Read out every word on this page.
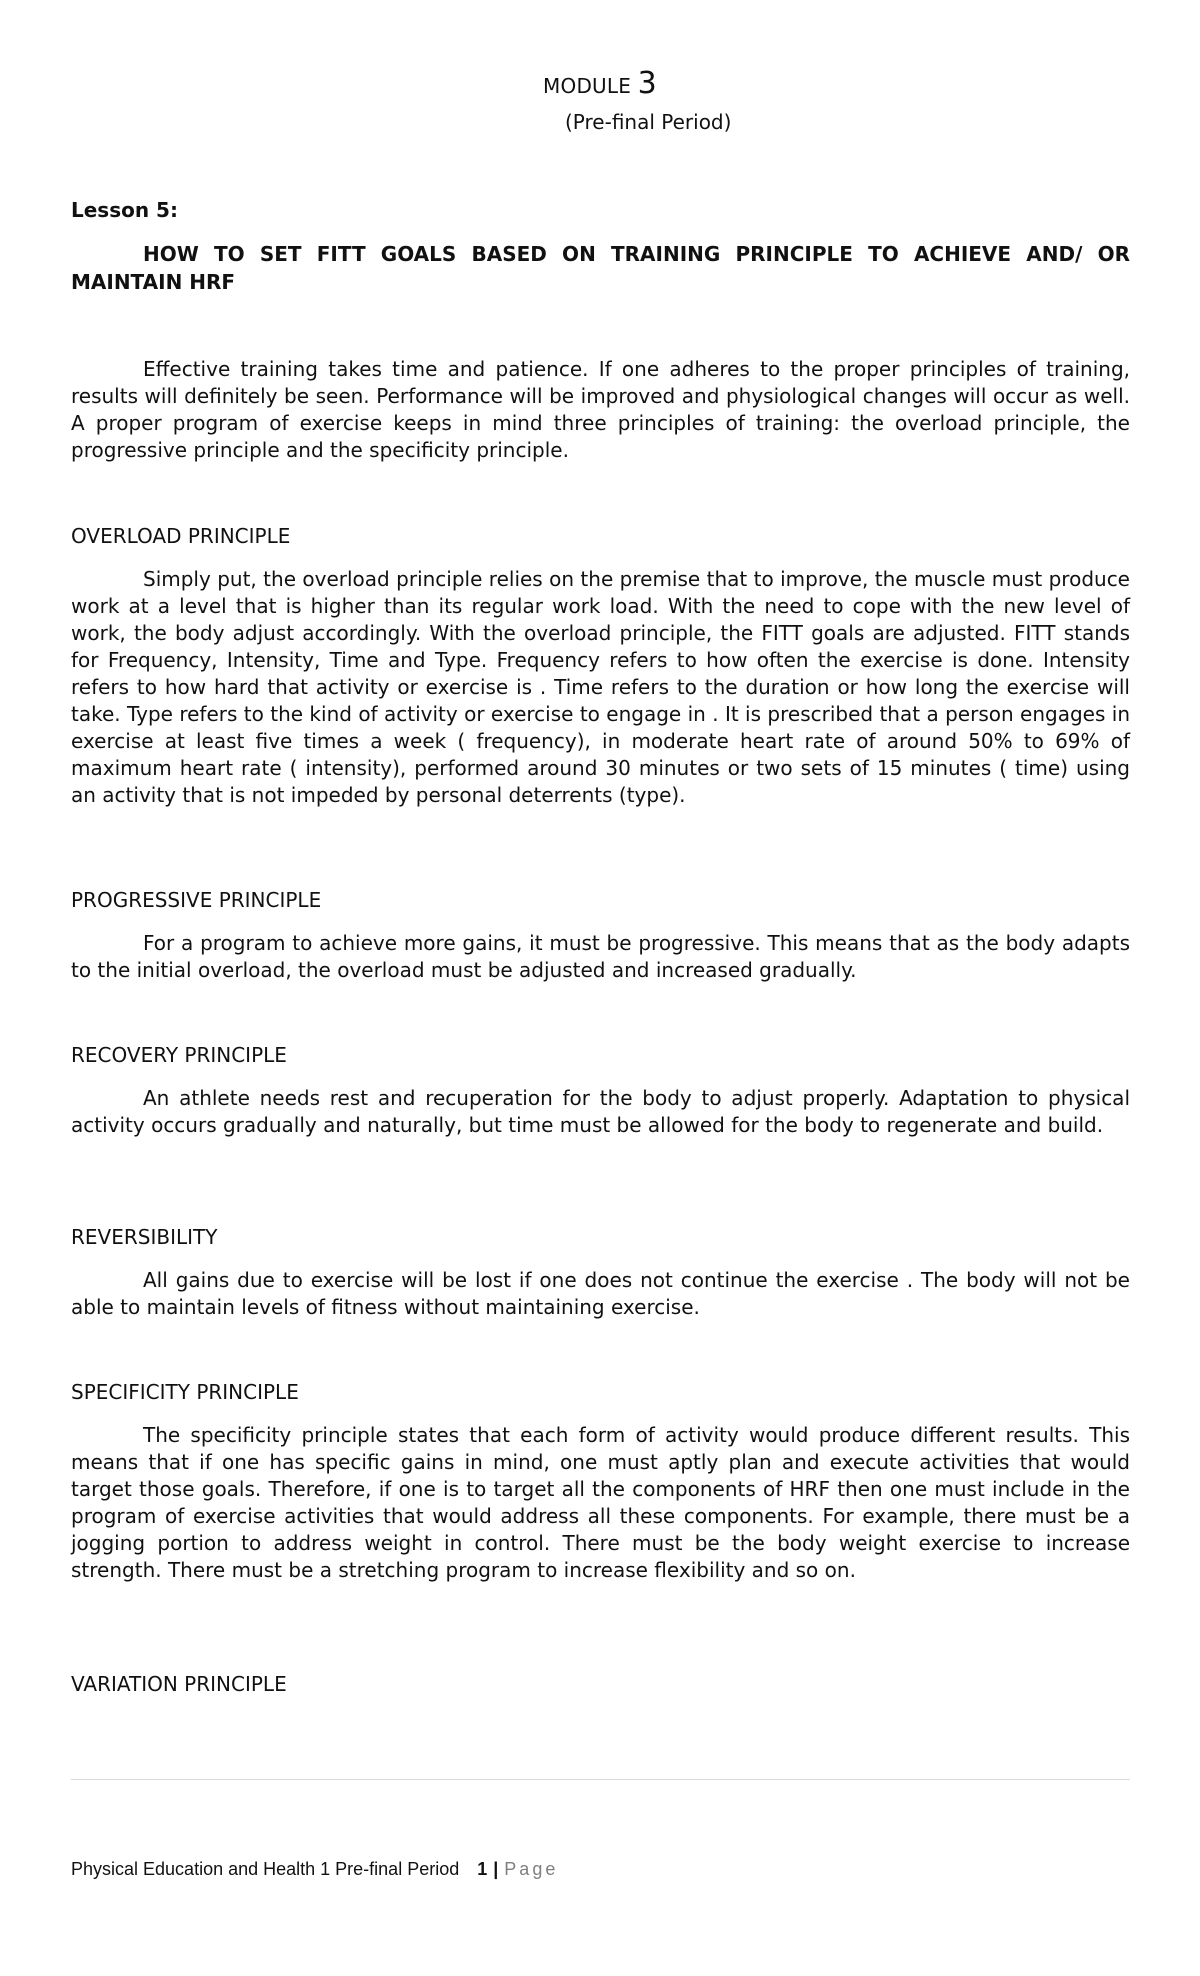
MODULE 3
(Pre-final Period)
Lesson 5:
HOW TO SET FITT GOALS BASED ON TRAINING PRINCIPLE TO ACHIEVE AND/ OR MAINTAIN HRF

Effective training takes time and patience. If one adheres to the proper principles of training, results will definitely be seen. Performance will be improved and physiological changes will occur as well. A proper program of exercise keeps in mind three principles of training: the overload principle, the progressive principle and the specificity principle.

OVERLOAD PRINCIPLE

Simply put, the overload principle relies on the premise that to improve, the muscle must produce work at a level that is higher than its regular work load. With the need to cope with the new level of work, the body adjust accordingly. With the overload principle, the FITT goals are adjusted. FITT stands for Frequency, Intensity, Time and Type. Frequency refers to how often the exercise is done. Intensity refers to how hard that activity or exercise is . Time refers to the duration or how long the exercise will take. Type refers to the kind of activity or exercise to engage in . It is prescribed that a person engages in exercise at least five times a week ( frequency), in moderate heart rate of around 50% to 69% of maximum heart rate ( intensity), performed around 30 minutes or two sets of 15 minutes ( time) using an activity that is not impeded by personal deterrents (type).

PROGRESSIVE PRINCIPLE

For a program to achieve more gains, it must be progressive. This means that as the body adapts to the initial overload, the overload must be adjusted and increased gradually.

RECOVERY PRINCIPLE

An athlete needs rest and recuperation for the body to adjust properly. Adaptation to physical activity occurs gradually and naturally, but time must be allowed for the body to regenerate and build.

REVERSIBILITY

All gains due to exercise will be lost if one does not continue the exercise . The body will not be able to maintain levels of fitness without maintaining exercise.

SPECIFICITY PRINCIPLE

The specificity principle states that each form of activity would produce different results. This means that if one has specific gains in mind, one must aptly plan and execute activities that would target those goals. Therefore, if one is to target all the components of HRF then one must include in the program of exercise activities that would address all these components. For example, there must be a jogging portion to address weight in control. There must be the body weight exercise to increase strength. There must be a stretching program to increase flexibility and so on.

VARIATION PRINCIPLE

Physical Education and Health 1 Pre-final Period 1 | Page
